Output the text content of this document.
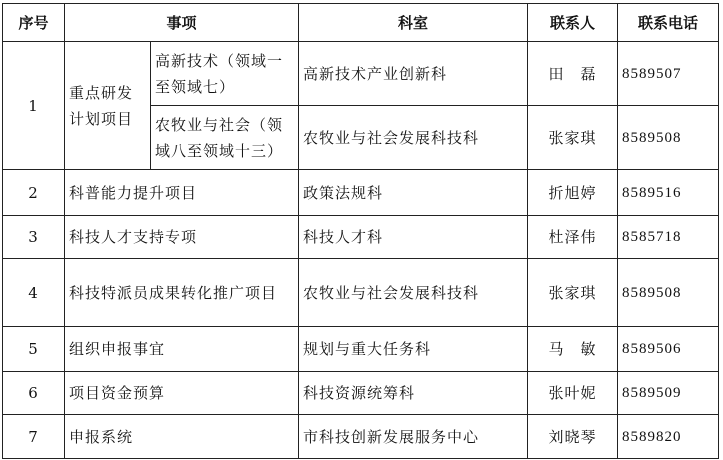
序号	事项		科室	联系人	联系电话
1	重点研发计划项目	高新技术（领域一至领域七）	高新技术产业创新科	田　磊	8589507
		农牧业与社会（领域八至领域十三）	农牧业与社会发展科技科	张家琪	8589508
2	科普能力提升项目		政策法规科	折旭婷	8589516
3	科技人才支持专项		科技人才科	杜泽伟	8585718
4	科技特派员成果转化推广项目		农牧业与社会发展科技科	张家琪	8589508
5	组织申报事宜		规划与重大任务科	马　敏	8589506
6	项目资金预算		科技资源统筹科	张叶妮	8589509
7	申报系统		市科技创新发展服务中心	刘晓琴	8589820
